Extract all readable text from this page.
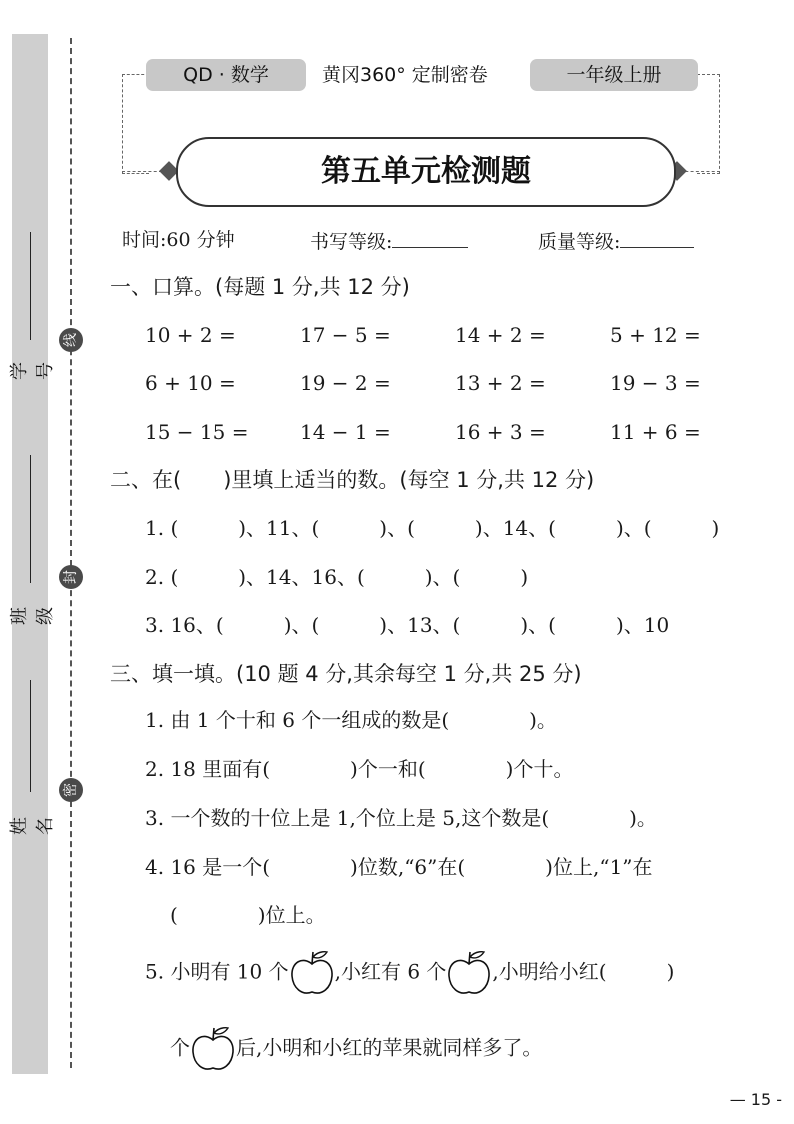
学号
班级
姓名
线
封
密
QD · 数学	黄冈360° 定制密卷	一年级上册
第五单元检测题
时间:60 分钟	书写等级:	质量等级:
一、口算。(每题 1 分,共 12 分)
10 + 2 =	17 − 5 =	14 + 2 =	5 + 12 =
6 + 10 =	19 − 2 =	13 + 2 =	19 − 3 =
15 − 15 =	14 − 1 =	16 + 3 =	11 + 6 =
二、在(　　)里填上适当的数。(每空 1 分,共 12 分)
1. (　　　)、11、(　　　)、(　　　)、14、(　　　)、(　　　)
2. (　　　)、14、16、(　　　)、(　　　)
3. 16、(　　　)、(　　　)、13、(　　　)、(　　　)、10
三、填一填。(10 题 4 分,其余每空 1 分,共 25 分)
1. 由 1 个十和 6 个一组成的数是(　　　　)。
2. 18 里面有(　　　　)个一和(　　　　)个十。
3. 一个数的十位上是 1,个位上是 5,这个数是(　　　　)。
4. 16 是一个(　　　　)位数,“6”在(　　　　)位上,“1”在
(　　　　)位上。
5. 小明有 10 个 ,小红有 6 个 ,小明给小红(　　　)
个 后,小明和小红的苹果就同样多了。
— 15 -
